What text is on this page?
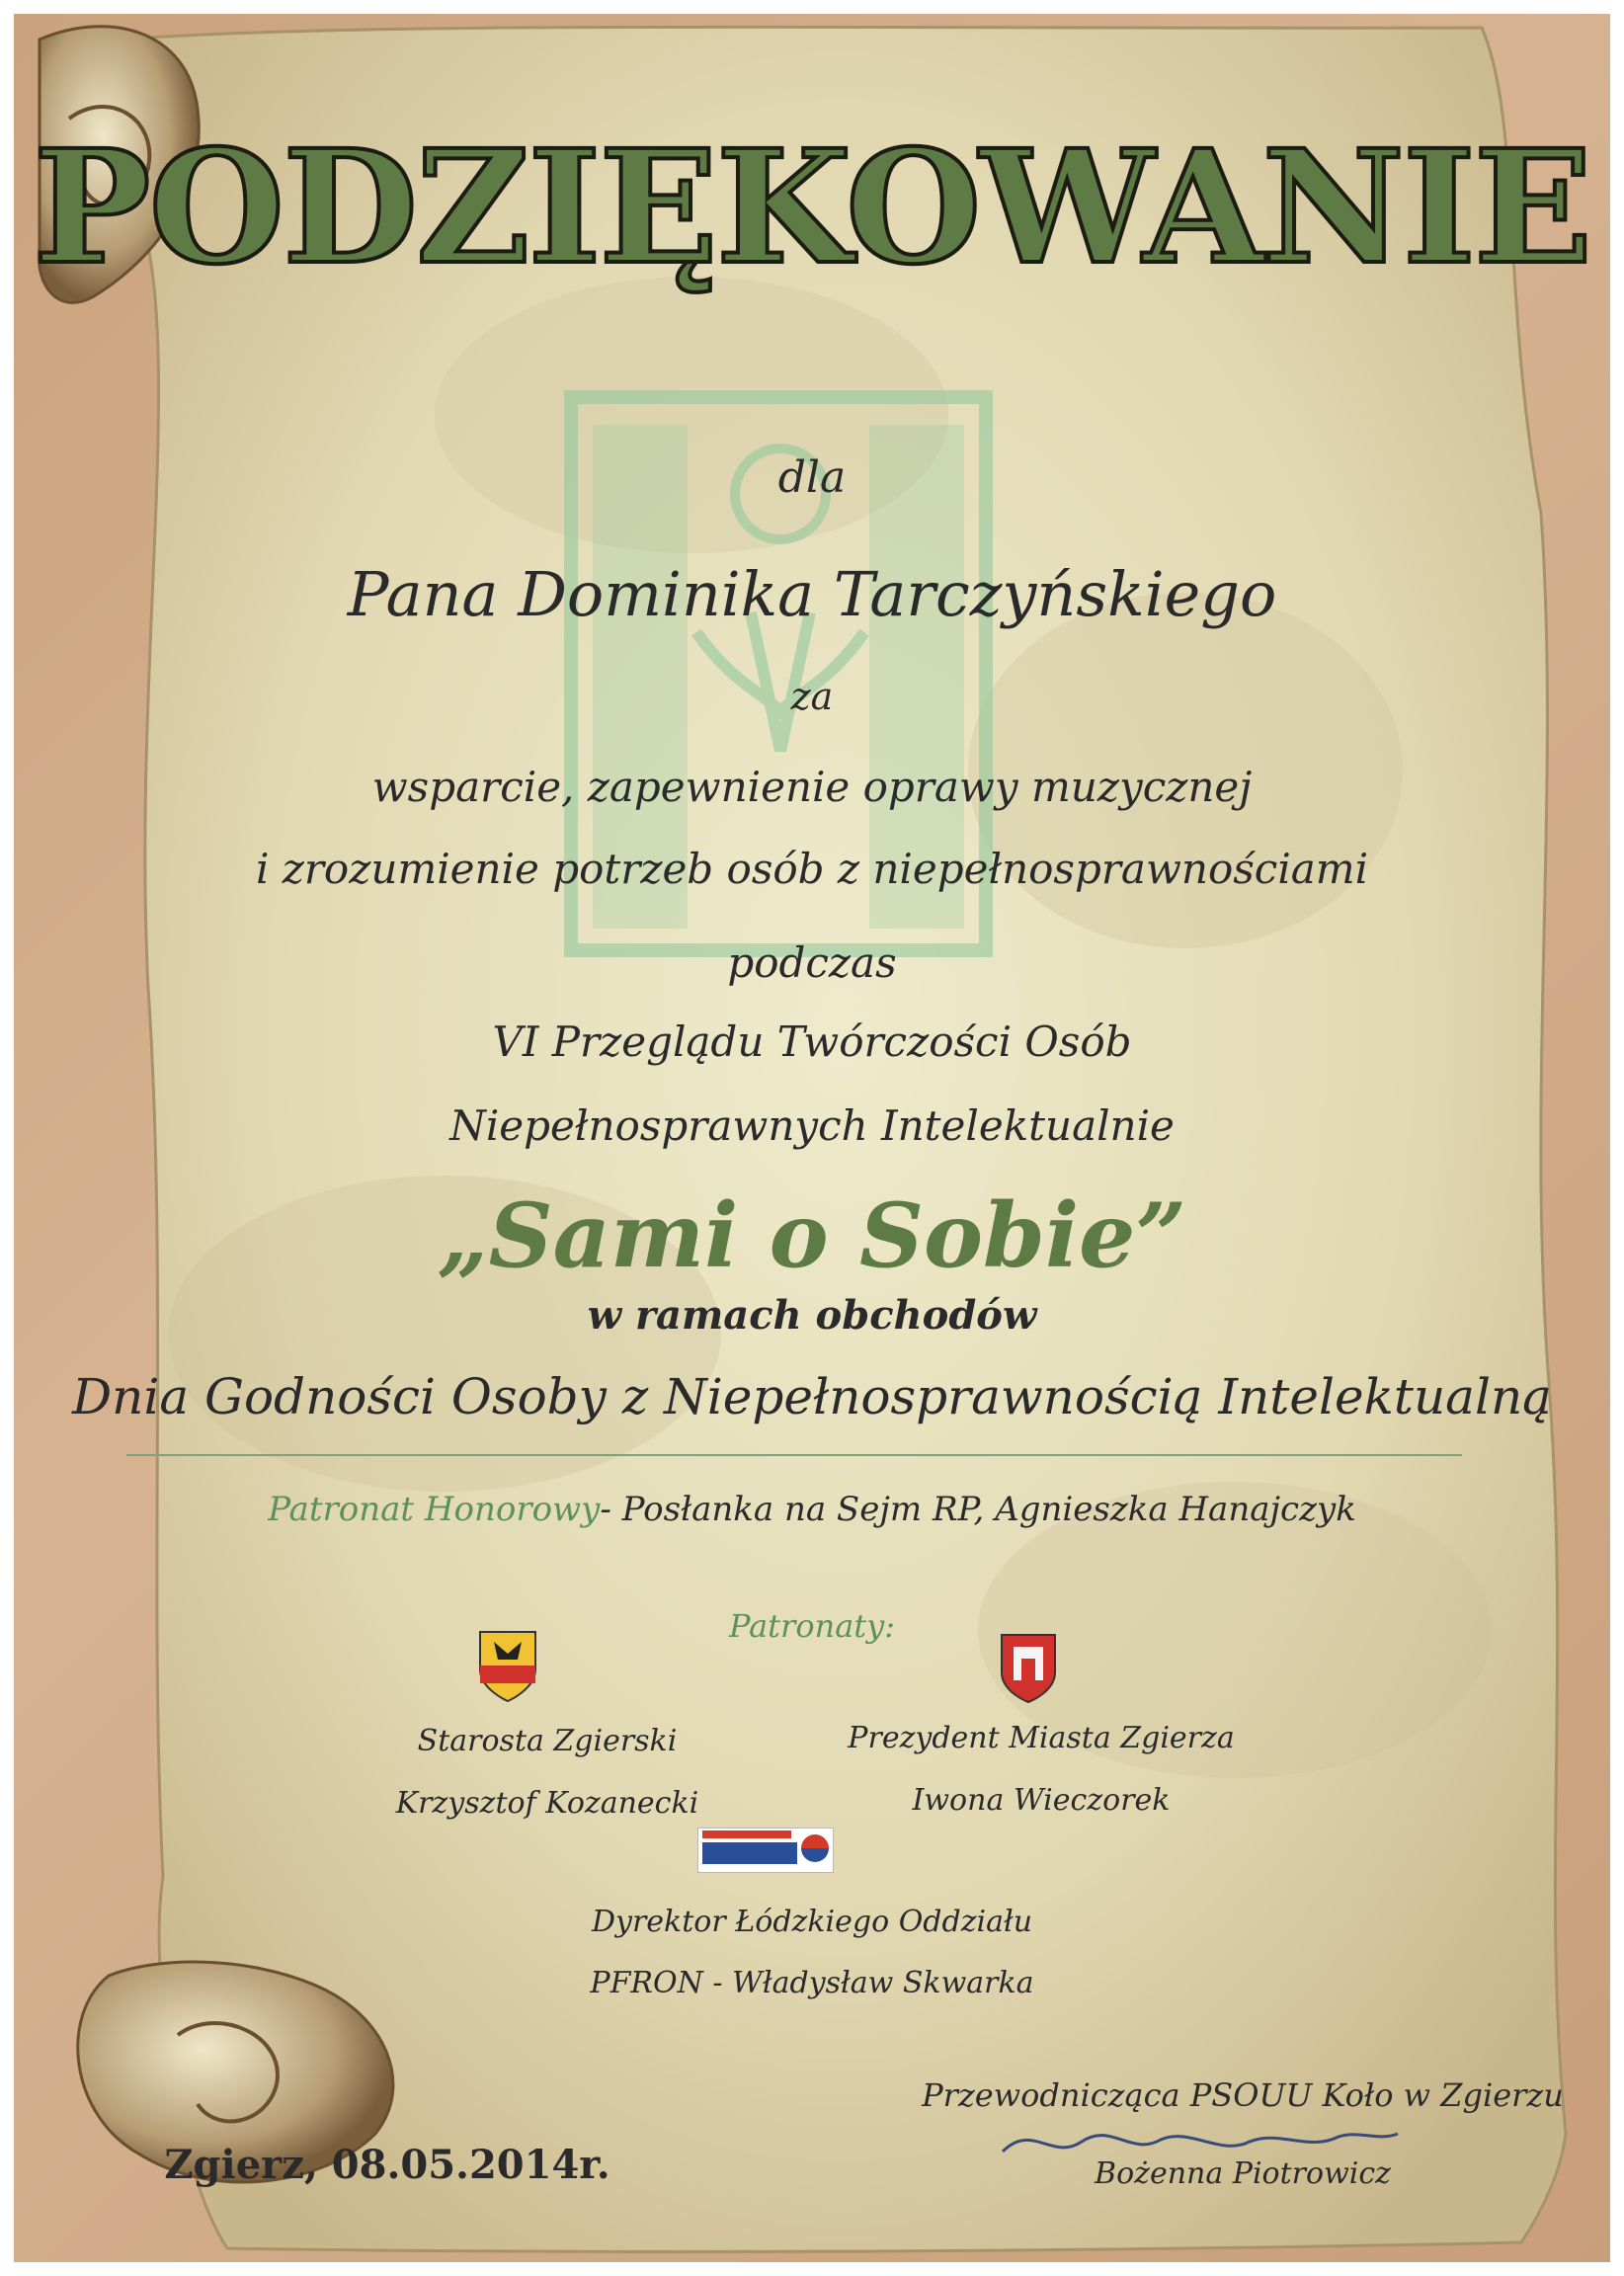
PODZIĘKOWANIE
dla
Pana Dominika Tarczyńskiego
za
wsparcie, zapewnienie oprawy muzycznej
i zrozumienie potrzeb osób z niepełnosprawnościami
podczas
VI Przeglądu Twórczości Osób
Niepełnosprawnych Intelektualnie
„Sami o Sobie”
w ramach obchodów
Dnia Godności Osoby z Niepełnosprawnością Intelektualną
Patronat Honorowy- Posłanka na Sejm RP, Agnieszka Hanajczyk
Patronaty:
Starosta Zgierski
Krzysztof Kozanecki
Prezydent Miasta Zgierza
Iwona Wieczorek
Dyrektor Łódzkiego Oddziału
PFRON - Władysław Skwarka
Zgierz, 08.05.2014r.
Przewodnicząca PSOUU Koło w Zgierzu
Bożenna Piotrowicz
